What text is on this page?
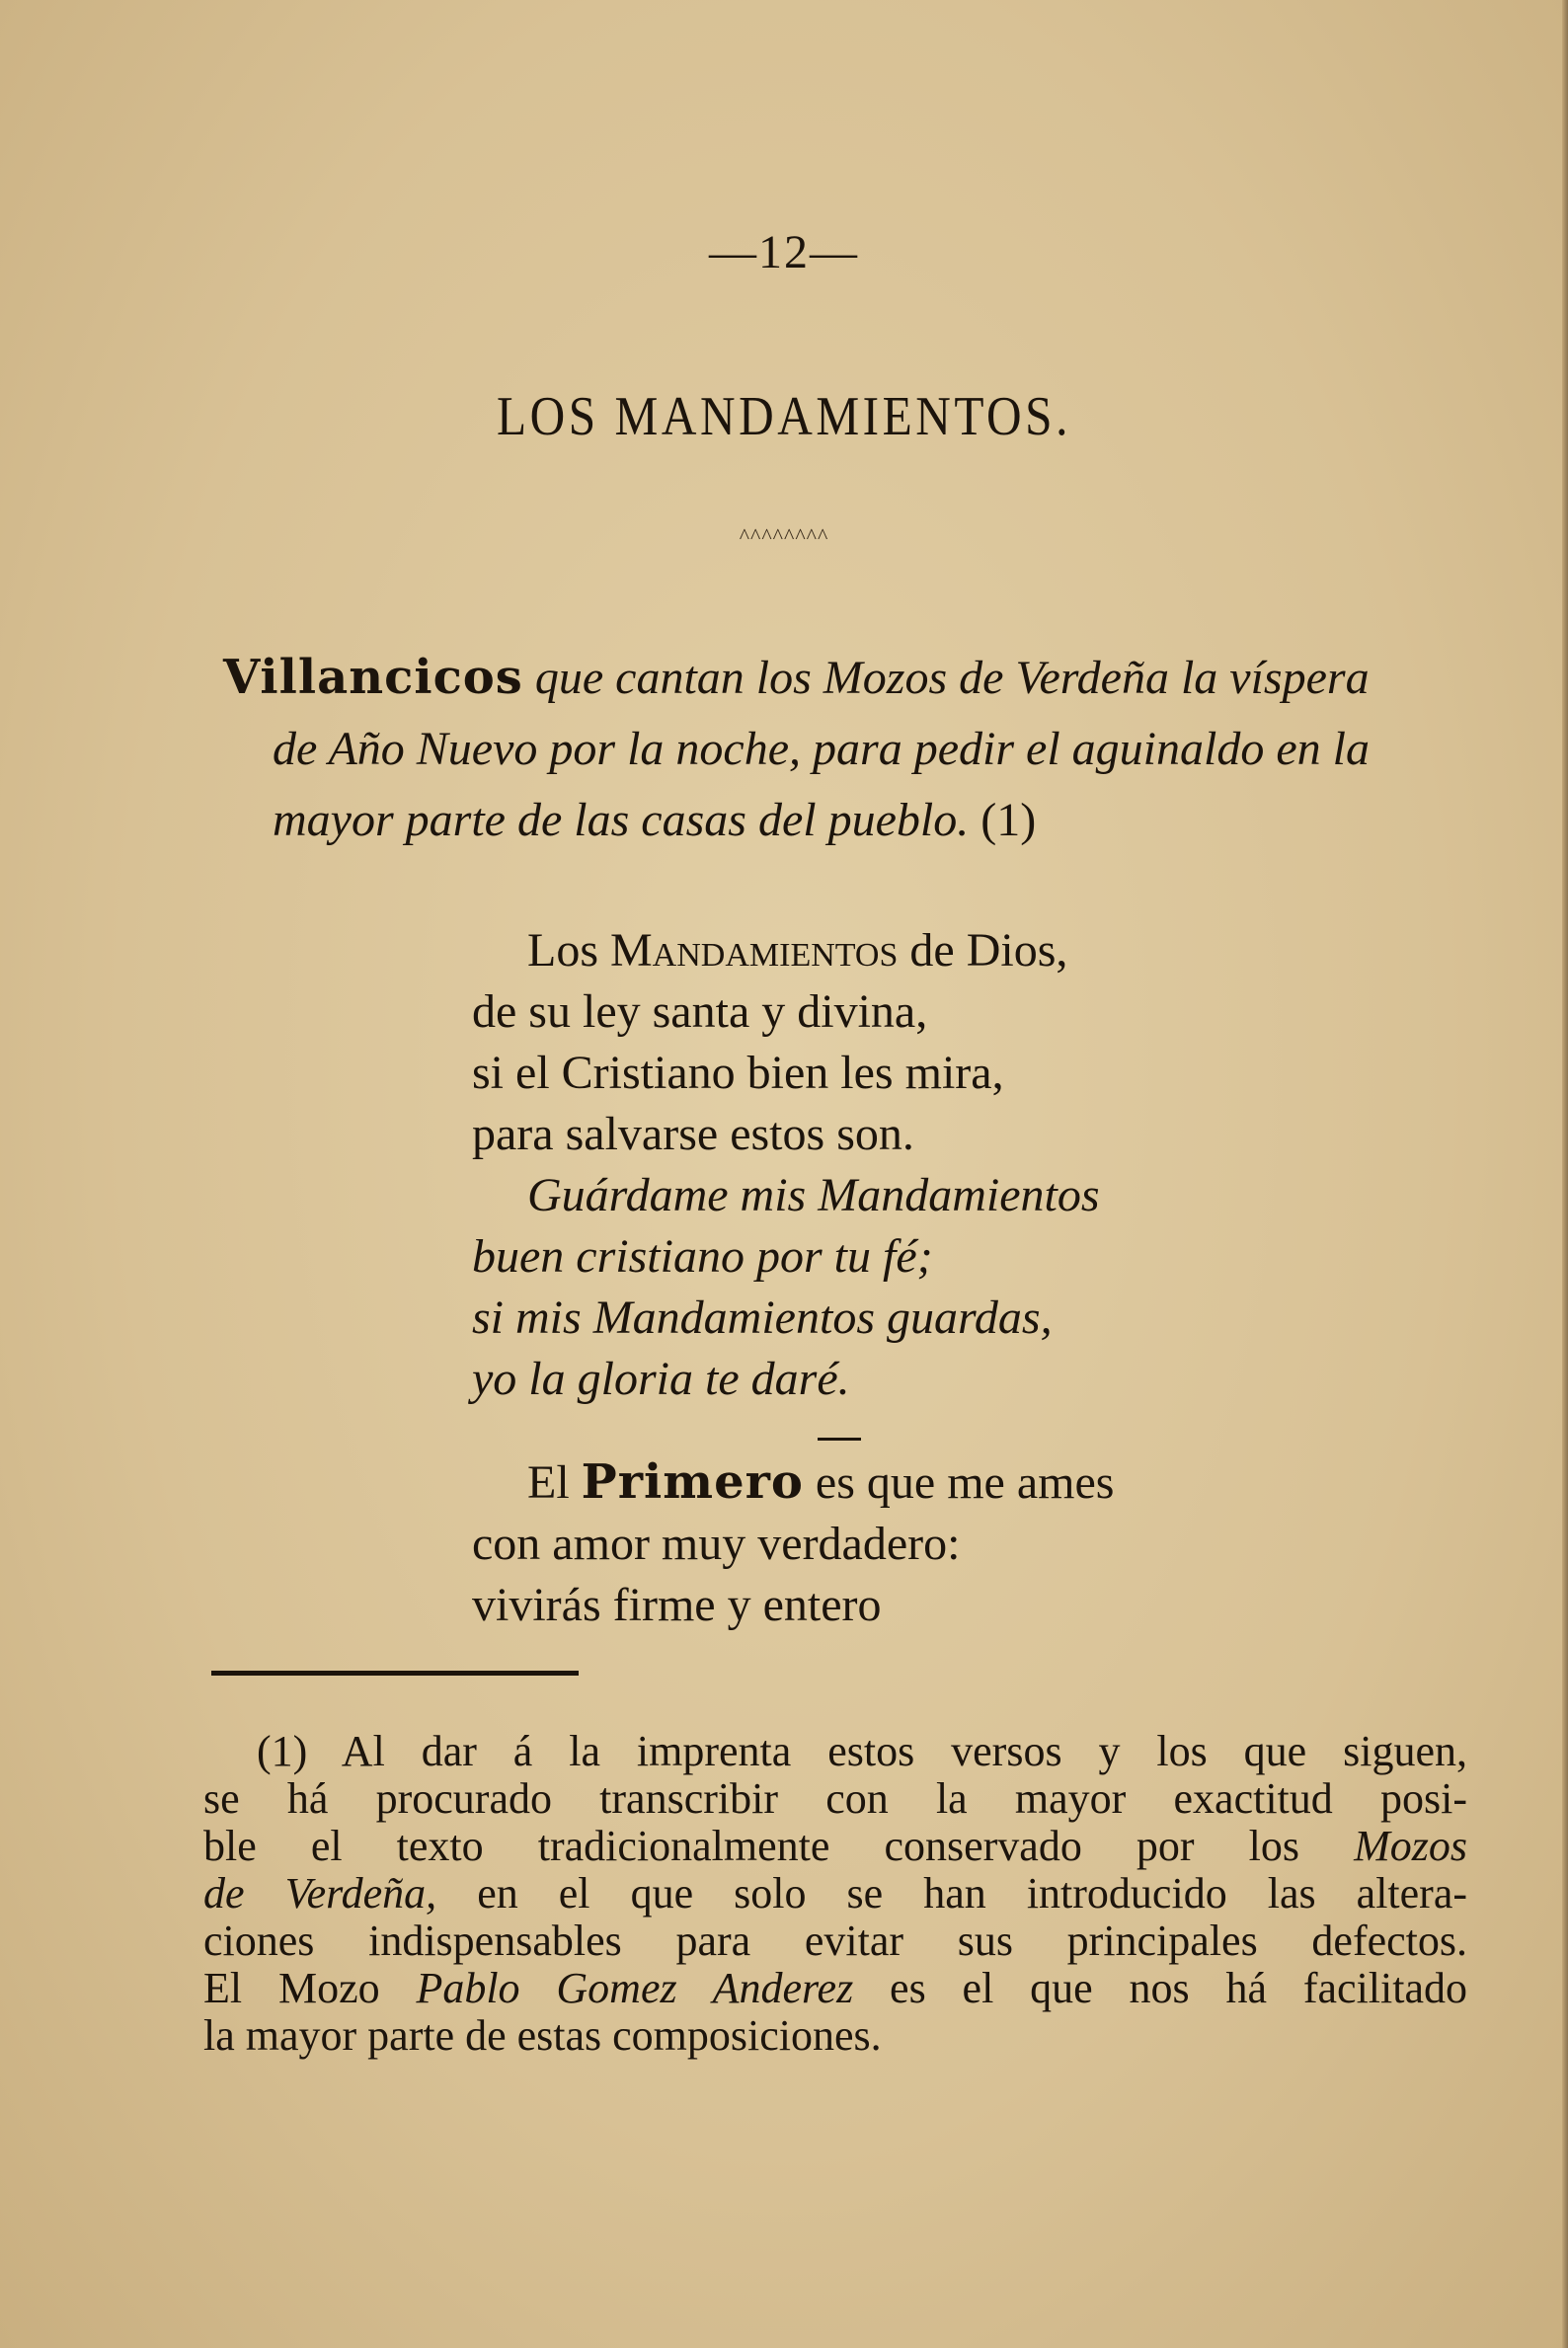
—12—
LOS MANDAMIENTOS.
^^^^^^^^
Villancicos que cantan los Mozos de Verdeña la víspera
de Año Nuevo por la noche, para pedir el aguinaldo en la
mayor parte de las casas del pueblo. (1)
Los Mandamientos de Dios,
de su ley santa y divina,
si el Cristiano bien les mira,
para salvarse estos son.
Guárdame mis Mandamientos
buen cristiano por tu fé;
si mis Mandamientos guardas,
yo la gloria te daré.
El Primero es que me ames
con amor muy verdadero:
vivirás firme y entero
(1) Al dar á la imprenta estos versos y los que siguen,
se há procurado transcribir con la mayor exactitud posi-
ble el texto tradicionalmente conservado por los Mozos
de Verdeña, en el que solo se han introducido las altera-
ciones indispensables para evitar sus principales defectos.
El Mozo Pablo Gomez Anderez es el que nos há facilitado
la mayor parte de estas composiciones.
